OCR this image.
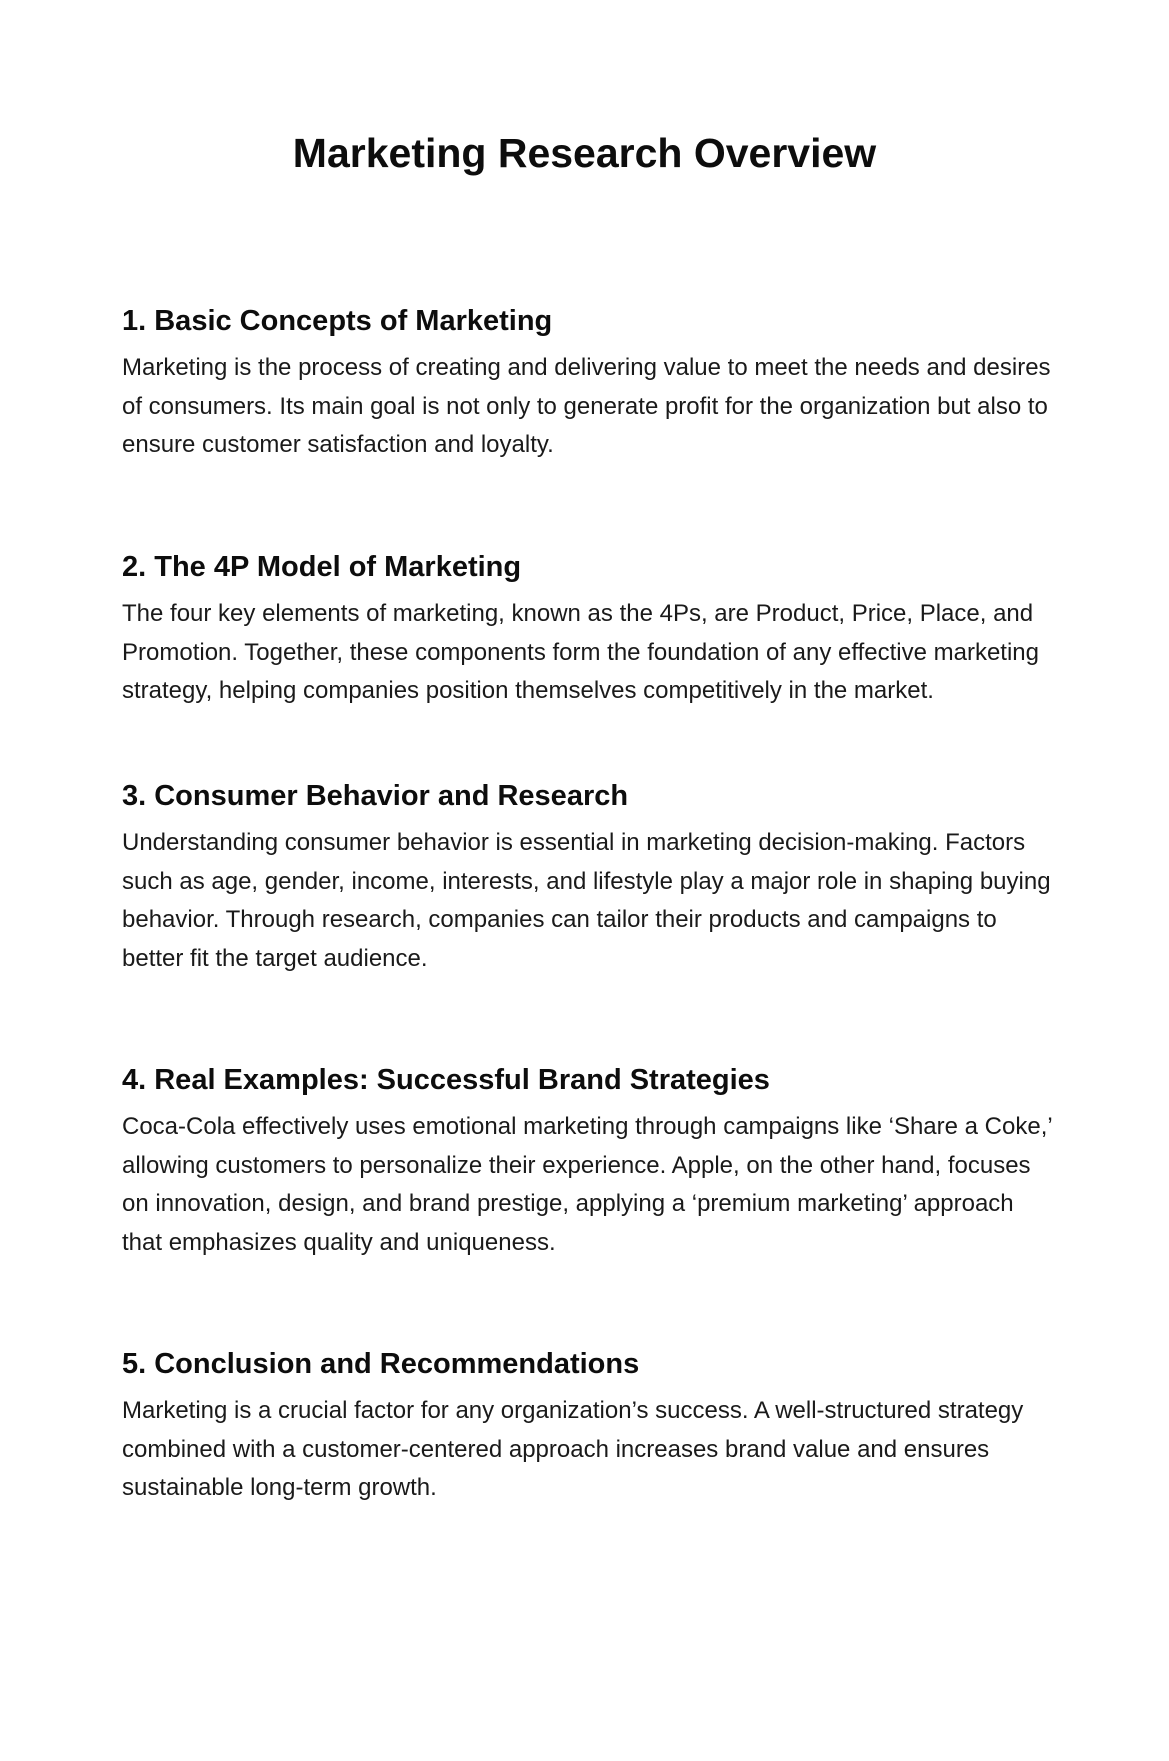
Marketing Research Overview
1. Basic Concepts of Marketing

Marketing is the process of creating and delivering value to meet the needs and desires of consumers. Its main goal is not only to generate profit for the organization but also to ensure customer satisfaction and loyalty.

2. The 4P Model of Marketing

The four key elements of marketing, known as the 4Ps, are Product, Price, Place, and Promotion. Together, these components form the foundation of any effective marketing strategy, helping companies position themselves competitively in the market.

3. Consumer Behavior and Research

Understanding consumer behavior is essential in marketing decision-making. Factors such as age, gender, income, interests, and lifestyle play a major role in shaping buying behavior. Through research, companies can tailor their products and campaigns to better fit the target audience.

4. Real Examples: Successful Brand Strategies

Coca-Cola effectively uses emotional marketing through campaigns like ‘Share a Coke,’ allowing customers to personalize their experience. Apple, on the other hand, focuses on innovation, design, and brand prestige, applying a ‘premium marketing’ approach that emphasizes quality and uniqueness.

5. Conclusion and Recommendations

Marketing is a crucial factor for any organization’s success. A well-structured strategy combined with a customer-centered approach increases brand value and ensures sustainable long-term growth.
